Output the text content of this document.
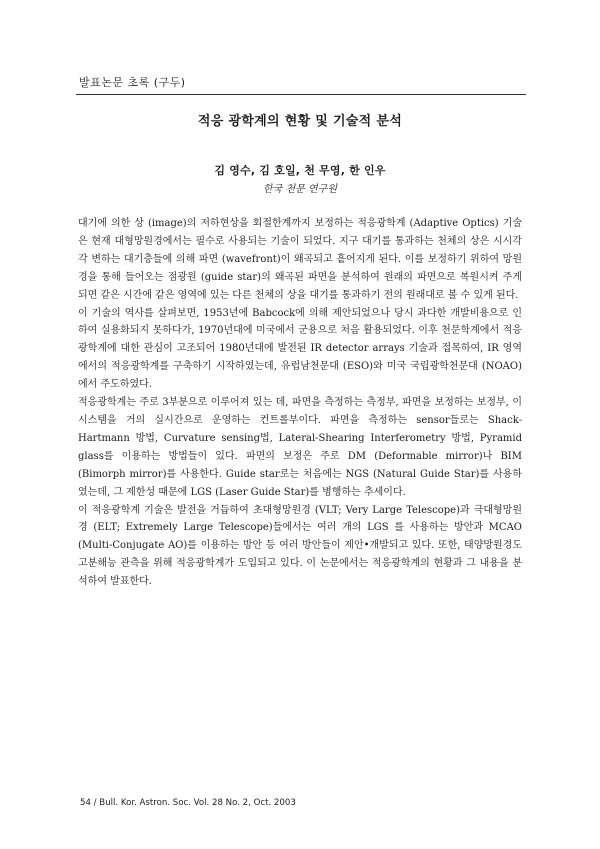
발표논문 초록 (구두)
적응 광학계의 현황 및 기술적 분석
김 영수, 김 호일, 천 무영, 한 인우
한국 천문 연구원

대기에 의한 상 (image)의 저하현상을 회절한계까지 보정하는 적응광학계 (Adaptive Optics) 기술은 현재 대형망원경에서는 필수로 사용되는 기술이 되었다. 지구 대기를 통과하는 천체의 상은 시시각각 변하는 대기층들에 의해 파면 (wavefront)이 왜곡되고 흩어지게 된다. 이를 보정하기 위하여 망원경을 통해 들어오는 점광원 (guide star)의 왜곡된 파면을 분석하여 원래의 파면으로 복원시켜 주게 되면 같은 시간에 같은 영역에 있는 다른 천체의 상을 대기를 통과하기 전의 원래대로 볼 수 있게 된다.

이 기술의 역사를 살펴보면, 1953년에 Babcock에 의해 제안되었으나 당시 과다한 개발비용으로 인하여 실용화되지 못하다가, 1970년대에 미국에서 군용으로 처음 활용되었다. 이후 천문학계에서 적응광학계에 대한 관심이 고조되어 1980년대에 발전된 IR detector arrays 기술과 접목하여, IR 영역에서의 적응광학계를 구축하기 시작하였는데, 유럽남천문대 (ESO)와 미국 국립광학천문대 (NOAO)에서 주도하였다.

적응광학계는 주로 3부분으로 이루어져 있는 데, 파면을 측정하는 측정부, 파면을 보정하는 보정부, 이 시스템을 거의 실시간으로 운영하는 컨트롤부이다. 파면을 측정하는 sensor들로는 Shack-Hartmann 방법, Curvature sensing법, Lateral-Shearing Interferometry 방법, Pyramid glass를 이용하는 방법들이 있다. 파면의 보정은 주로 DM (Deformable mirror)나 BIM (Bimorph mirror)를 사용한다. Guide star로는 처음에는 NGS (Natural Guide Star)를 사용하였는데, 그 제한성 때문에 LGS (Laser Guide Star)를 병행하는 추세이다.

이 적응광학계 기술은 발전을 거듭하여 초대형망원경 (VLT; Very Large Telescope)과 극대형망원경 (ELT; Extremely Large Telescope)들에서는 여러 개의 LGS 를 사용하는 방안과 MCAO (Multi-Conjugate AO)를 이용하는 방안 등 여러 방안들이 제안•개발되고 있다. 또한, 태양망원경도 고분해능 관측을 위해 적응광학계가 도입되고 있다. 이 논문에서는 적응광학계의 현황과 그 내용을 분석하여 발표한다.

54 / Bull. Kor. Astron. Soc. Vol. 28 No. 2, Oct. 2003
